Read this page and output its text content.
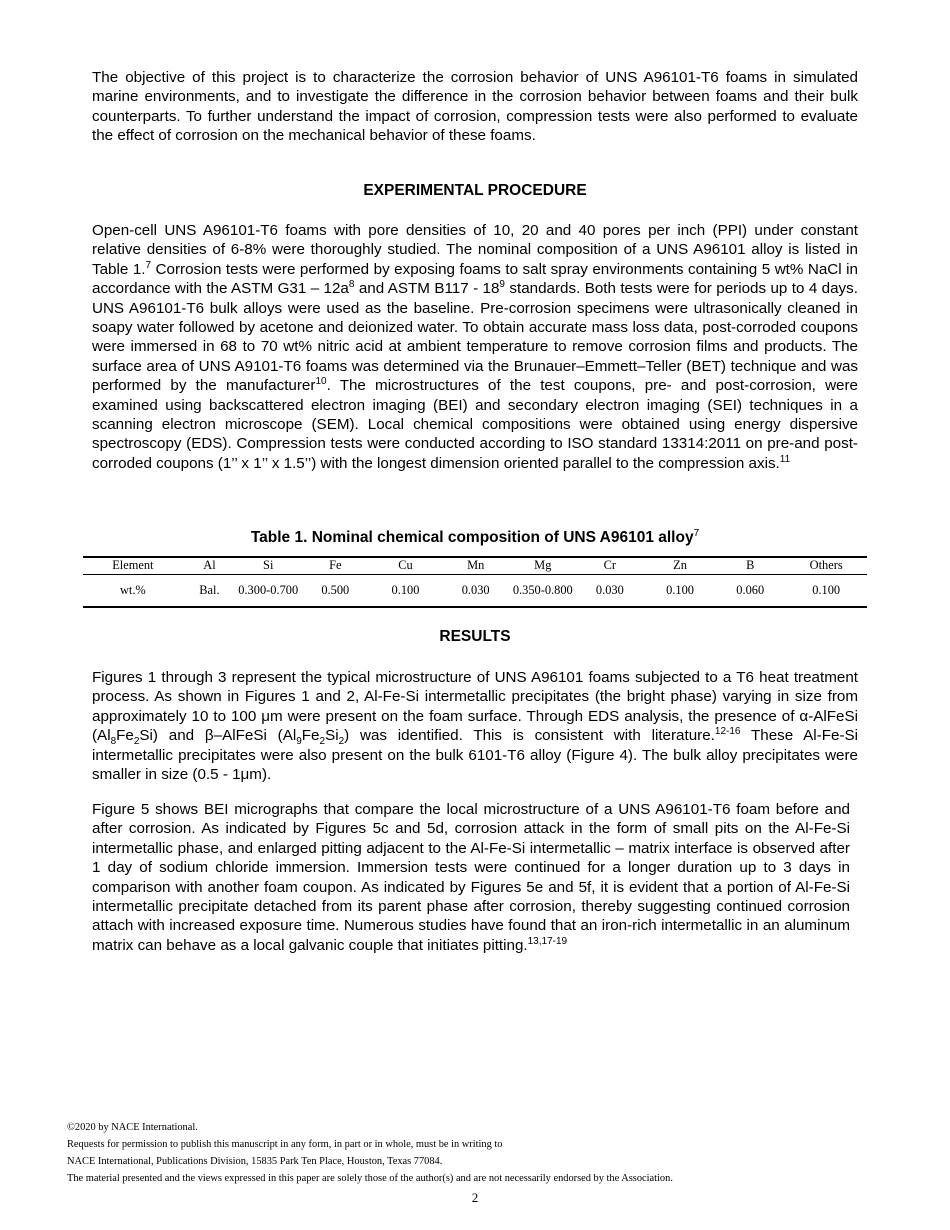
The objective of this project is to characterize the corrosion behavior of UNS A96101-T6 foams in simulated marine environments, and to investigate the difference in the corrosion behavior between foams and their bulk counterparts. To further understand the impact of corrosion, compression tests were also performed to evaluate the effect of corrosion on the mechanical behavior of these foams.

EXPERIMENTAL PROCEDURE

Open-cell UNS A96101-T6 foams with pore densities of 10, 20 and 40 pores per inch (PPI) under constant relative densities of 6-8% were thoroughly studied. The nominal composition of a UNS A96101 alloy is listed in Table 1.$^7$ Corrosion tests were performed by exposing foams to salt spray environments containing 5 wt% NaCl in accordance with the ASTM $G31 - 12a^8$ and ASTM $B117 - 18^9$ standards. Both tests were for periods up to 4 days. UNS A96101-T6 bulk alloys were used as the baseline. Pre-corrosion specimens were ultrasonically cleaned in soapy water followed by acetone and deionized water. To obtain accurate mass loss data, post-corroded coupons were immersed in 68 to 70 wt% nitric acid at ambient temperature to remove corrosion films and products. The surface area of UNS A9101-T6 foams was determined via the Brunauer–Emmett–Teller (BET) technique and was performed by the manufacturer$^{10}$. The microstructures of the test coupons, pre- and post-corrosion, were examined using backscattered electron imaging (BEI) and secondary electron imaging (SEI) techniques in a scanning electron microscope (SEM). Local chemical compositions were obtained using energy dispersive spectroscopy (EDS). Compression tests were conducted according to ISO standard 13314:2011 on pre-and post-corroded coupons (1’’ x 1’’ x 1.5’’) with the longest dimension oriented parallel to the compression axis.$^{11}$

Table 1. Nominal chemical composition of UNS A96101 alloy$^7$

Element	Al	Si	Fe	Cu	Mn	Mg	Cr	Zn	B	Others
wt.%	Bal.	0.300-0.700	0.500	0.100	0.030	0.350-0.800	0.030	0.100	0.060	0.100
RESULTS

Figures 1 through 3 represent the typical microstructure of UNS A96101 foams subjected to a T6 heat treatment process. As shown in Figures 1 and 2, Al-Fe-Si intermetallic precipitates (the bright phase) varying in size from approximately 10 to 100 μm were present on the foam surface. Through EDS analysis, the presence of α-AlFeSi $(Al_8Fe_2Si)$ and β–AlFeSi $(Al_9Fe_2Si_2)$ was identified. This is consistent with literature.$^{12-16}$ These Al-Fe-Si intermetallic precipitates were also present on the bulk 6101-T6 alloy (Figure 4). The bulk alloy precipitates were smaller in size (0.5 - 1μm).

Figure 5 shows BEI micrographs that compare the local microstructure of a UNS A96101-T6 foam before and after corrosion. As indicated by Figures 5c and 5d, corrosion attack in the form of small pits on the Al-Fe-Si intermetallic phase, and enlarged pitting adjacent to the Al-Fe-Si intermetallic – matrix interface is observed after 1 day of sodium chloride immersion. Immersion tests were continued for a longer duration up to 3 days in comparison with another foam coupon. As indicated by Figures 5e and 5f, it is evident that a portion of Al-Fe-Si intermetallic precipitate detached from its parent phase after corrosion, thereby suggesting continued corrosion attach with increased exposure time. Numerous studies have found that an iron-rich intermetallic in an aluminum matrix can behave as a local galvanic couple that initiates pitting.$^{13,17-19}$

©2020 by NACE International.
Requests for permission to publish this manuscript in any form, in part or in whole, must be in writing to
NACE International, Publications Division, 15835 Park Ten Place, Houston, Texas 77084.
The material presented and the views expressed in this paper are solely those of the author(s) and are not necessarily endorsed by the Association.
2
